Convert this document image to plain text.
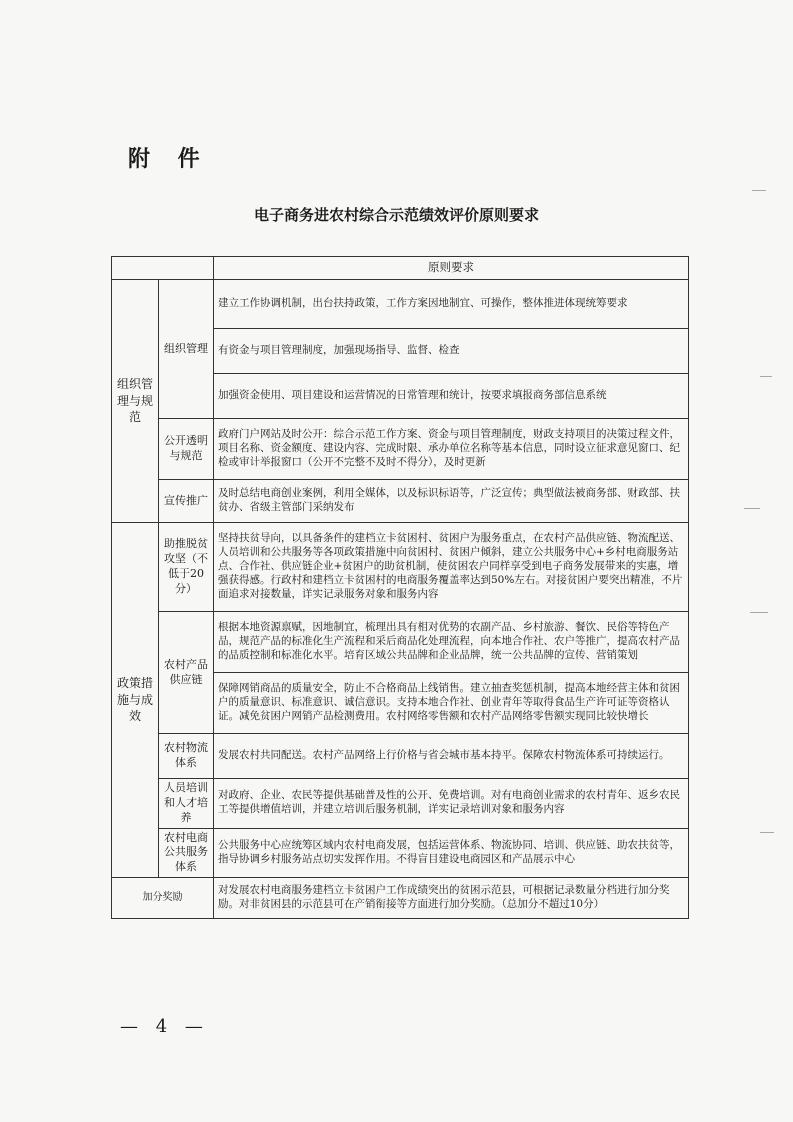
附 件
电子商务进农村综合示范绩效评价原则要求
		原则要求
组织管理与规范	组织管理	建立工作协调机制，出台扶持政策，工作方案因地制宜、可操作，整体推进体现统筹要求
		有资金与项目管理制度，加强现场指导、监督、检查
		加强资金使用、项目建设和运营情况的日常管理和统计，按要求填报商务部信息系统
	公开透明与规范	政府门户网站及时公开：综合示范工作方案、资金与项目管理制度，财政支持项目的决策过程文件，项目名称、资金额度、建设内容、完成时限、承办单位名称等基本信息，同时设立征求意见窗口、纪检或审计举报窗口（公开不完整不及时不得分），及时更新
	宣传推广	及时总结电商创业案例，利用全媒体，以及标识标语等，广泛宣传；典型做法被商务部、财政部、扶贫办、省级主管部门采纳发布
政策措施与成效	助推脱贫攻坚（不低于20分）	坚持扶贫导向，以具备条件的建档立卡贫困村、贫困户为服务重点，在农村产品供应链、物流配送、人员培训和公共服务等各项政策措施中向贫困村、贫困户倾斜，建立公共服务中心+乡村电商服务站点、合作社、供应链企业+贫困户的助贫机制，使贫困农户同样享受到电子商务发展带来的实惠，增强获得感。行政村和建档立卡贫困村的电商服务覆盖率达到50%左右。对接贫困户要突出精准，不片面追求对接数量，详实记录服务对象和服务内容
	农村产品供应链	根据本地资源禀赋，因地制宜，梳理出具有相对优势的农副产品、乡村旅游、餐饮、民俗等特色产品，规范产品的标准化生产流程和采后商品化处理流程，向本地合作社、农户等推广，提高农村产品的品质控制和标准化水平。培育区域公共品牌和企业品牌，统一公共品牌的宣传、营销策划
		保障网销商品的质量安全，防止不合格商品上线销售。建立抽查奖惩机制，提高本地经营主体和贫困户的质量意识、标准意识、诚信意识。支持本地合作社、创业青年等取得食品生产许可证等资格认证。减免贫困户网销产品检测费用。农村网络零售额和农村产品网络零售额实现同比较快增长
	农村物流体系	发展农村共同配送。农村产品网络上行价格与省会城市基本持平。保障农村物流体系可持续运行。
	人员培训和人才培养	对政府、企业、农民等提供基础普及性的公开、免费培训。对有电商创业需求的农村青年、返乡农民工等提供增值培训，并建立培训后服务机制，详实记录培训对象和服务内容
	农村电商公共服务体系	公共服务中心应统筹区域内农村电商发展，包括运营体系、物流协同、培训、供应链、助农扶贫等，指导协调乡村服务站点切实发挥作用。不得盲目建设电商园区和产品展示中心
加分奖励		对发展农村电商服务建档立卡贫困户工作成绩突出的贫困示范县，可根据记录数量分档进行加分奖励。对非贫困县的示范县可在产销衔接等方面进行加分奖励。（总加分不超过10分）
— 4 —
